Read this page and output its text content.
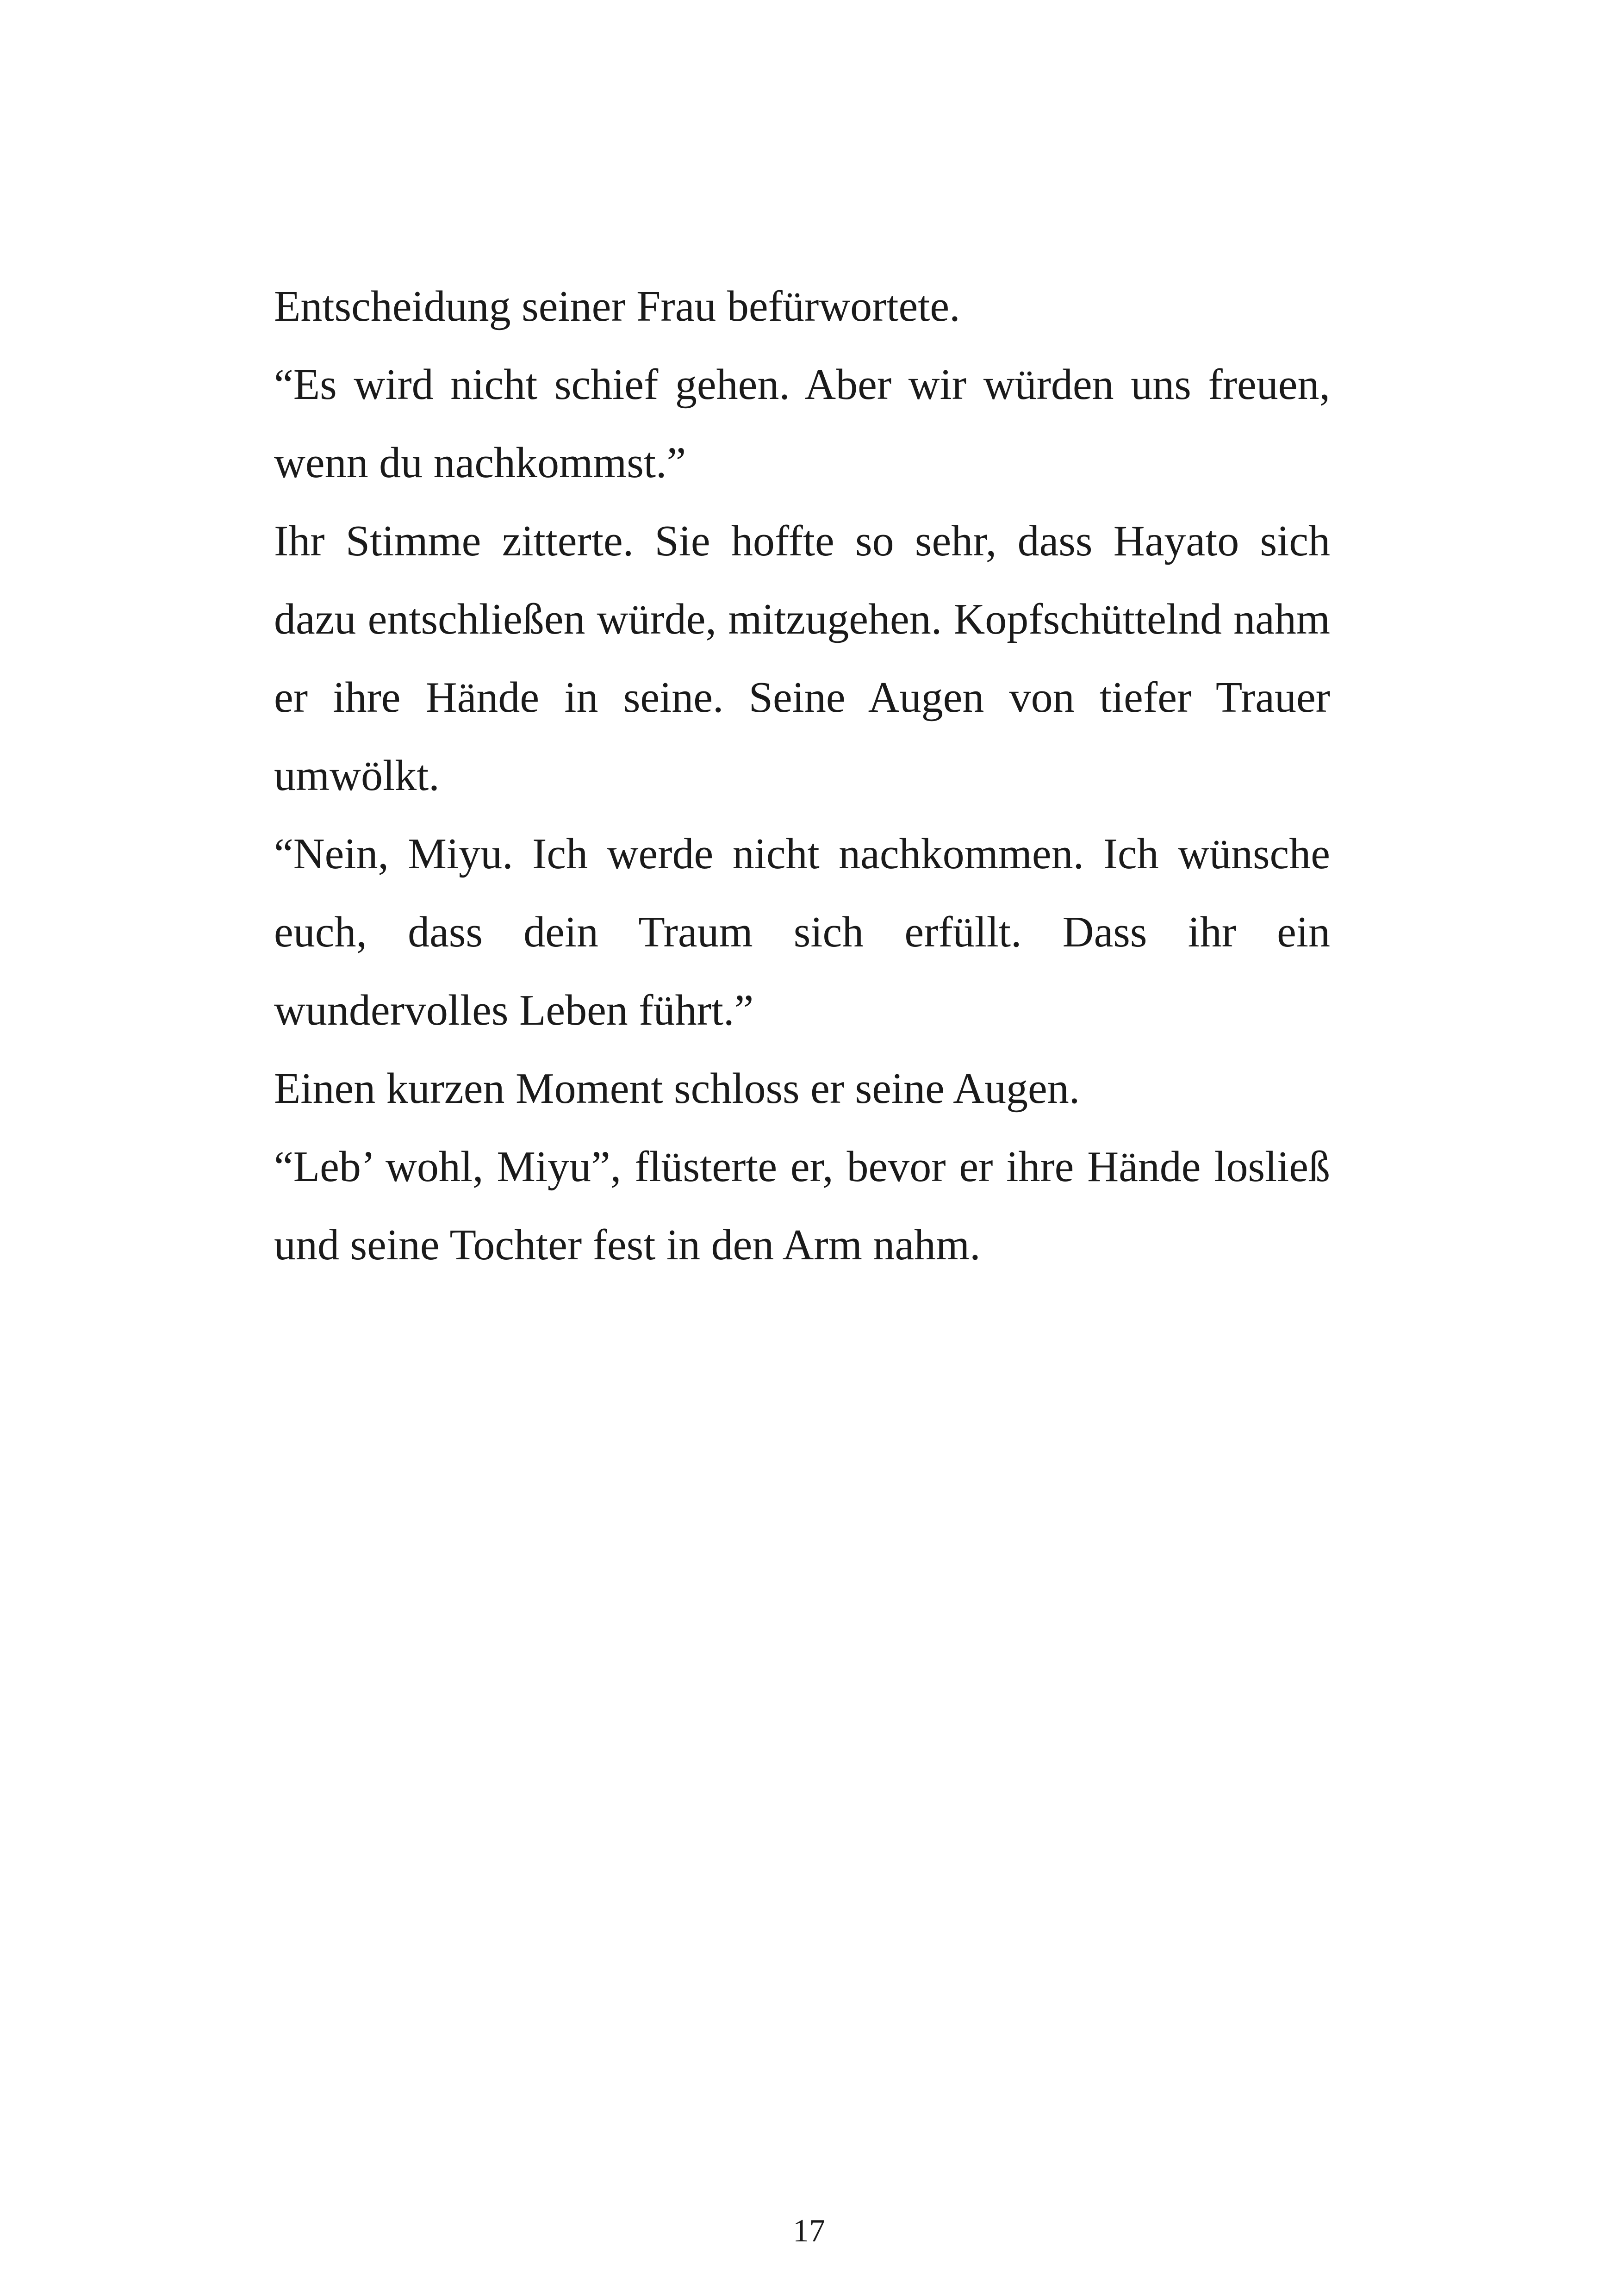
Entscheidung seiner Frau befürwortete.

“Es wird nicht schief gehen. Aber wir würden uns freuen, wenn du nachkommst.”

Ihr Stimme zitterte. Sie hoffte so sehr, dass Hayato sich dazu entschließen würde, mitzugehen. Kopfschüttelnd nahm er ihre Hände in seine. Seine Augen von tiefer Trauer umwölkt.

“Nein, Miyu. Ich werde nicht nachkommen. Ich wünsche euch, dass dein Traum sich erfüllt. Dass ihr ein wundervolles Leben führt.”

Einen kurzen Moment schloss er seine Augen.

“Leb’ wohl, Miyu”, flüsterte er, bevor er ihre Hände losließ und seine Tochter fest in den Arm nahm.

17
